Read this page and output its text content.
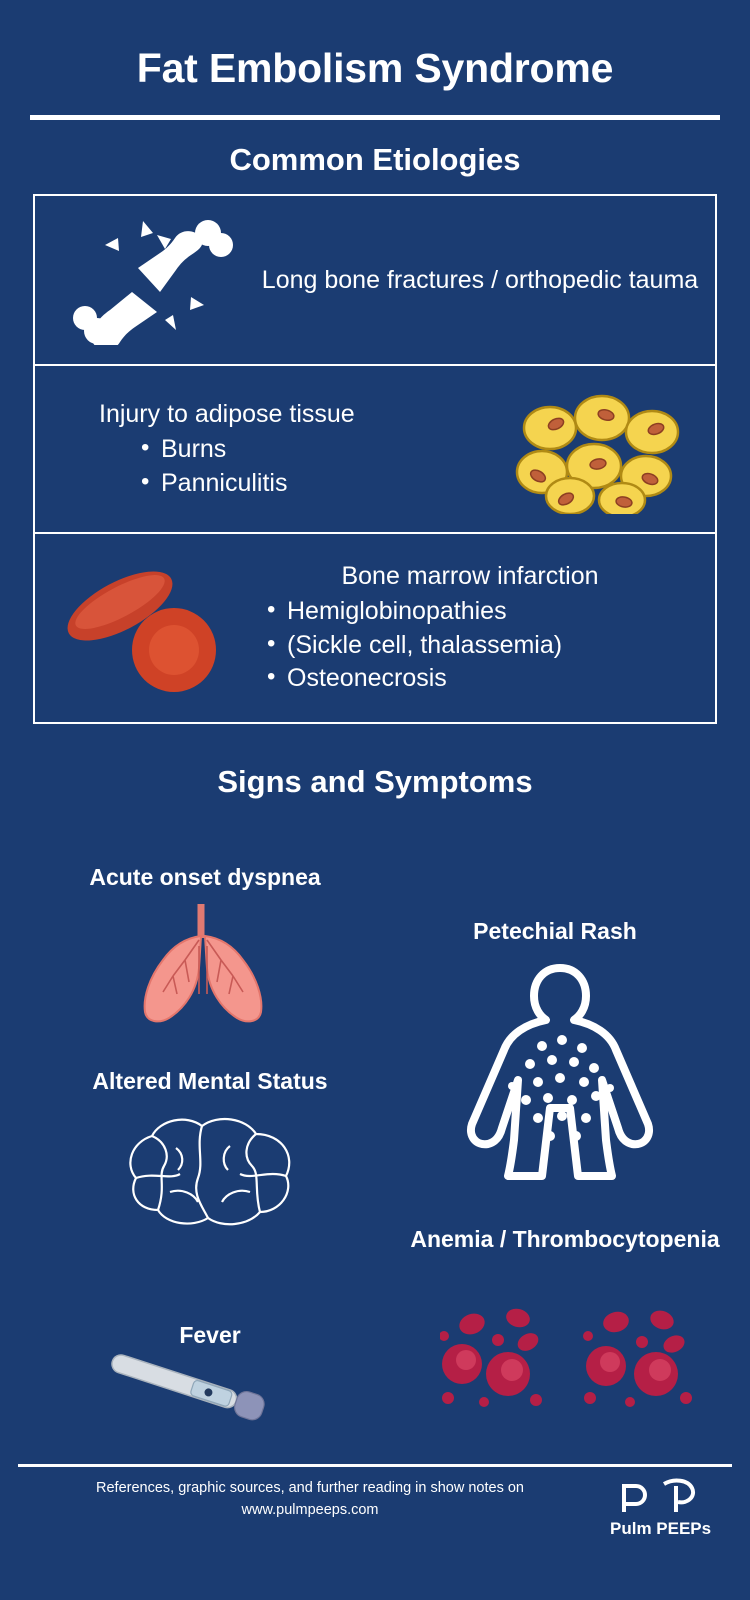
Fat Embolism Syndrome
Common Etiologies
Long bone fractures / orthopedic tauma
Injury to adipose tissue
• Burns
• Panniculitis
Bone marrow infarction
• Hemiglobinopathies
• (Sickle cell, thalassemia)
• Osteonecrosis
Signs and Symptoms
Acute onset dyspnea
Altered Mental Status
Fever
Petechial Rash
Anemia / Thrombocytopenia
References, graphic sources, and further reading in show notes on
www.pulmpeeps.com
Pulm PEEPs
